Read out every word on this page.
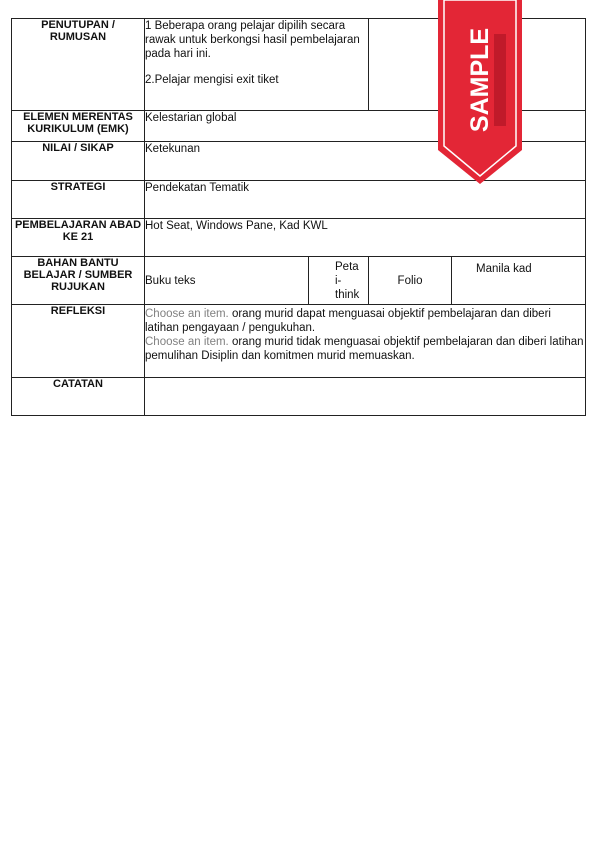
PENUTUPAN / RUMUSAN	1 Beberapa orang pelajar dipilih secara rawak untuk berkongsi hasil pembelajaran pada hari ini.
2.Pelajar mengisi exit tiket			

ELEMEN MERENTAS KURIKULUM (EMK)	Kelestarian global			
NILAI / SIKAP	Ketekunan			
STRATEGI	Pendekatan Tematik			
PEMBELAJARAN ABAD KE 21	Hot Seat, Windows Pane, Kad KWL			
BAHAN BANTU BELAJAR / SUMBER RUJUKAN	Buku teks	Peta i-think	Folio	Manila kad
REFLEKSI	Choose an item. orang murid dapat menguasai objektif pembelajaran dan diberi latihan pengayaan / pengukuhan.
Choose an item. orang murid tidak menguasai objektif pembelajaran dan diberi latihan pemulihan Disiplin dan komitmen murid memuaskan.			

CATATAN				
SAMPLE
